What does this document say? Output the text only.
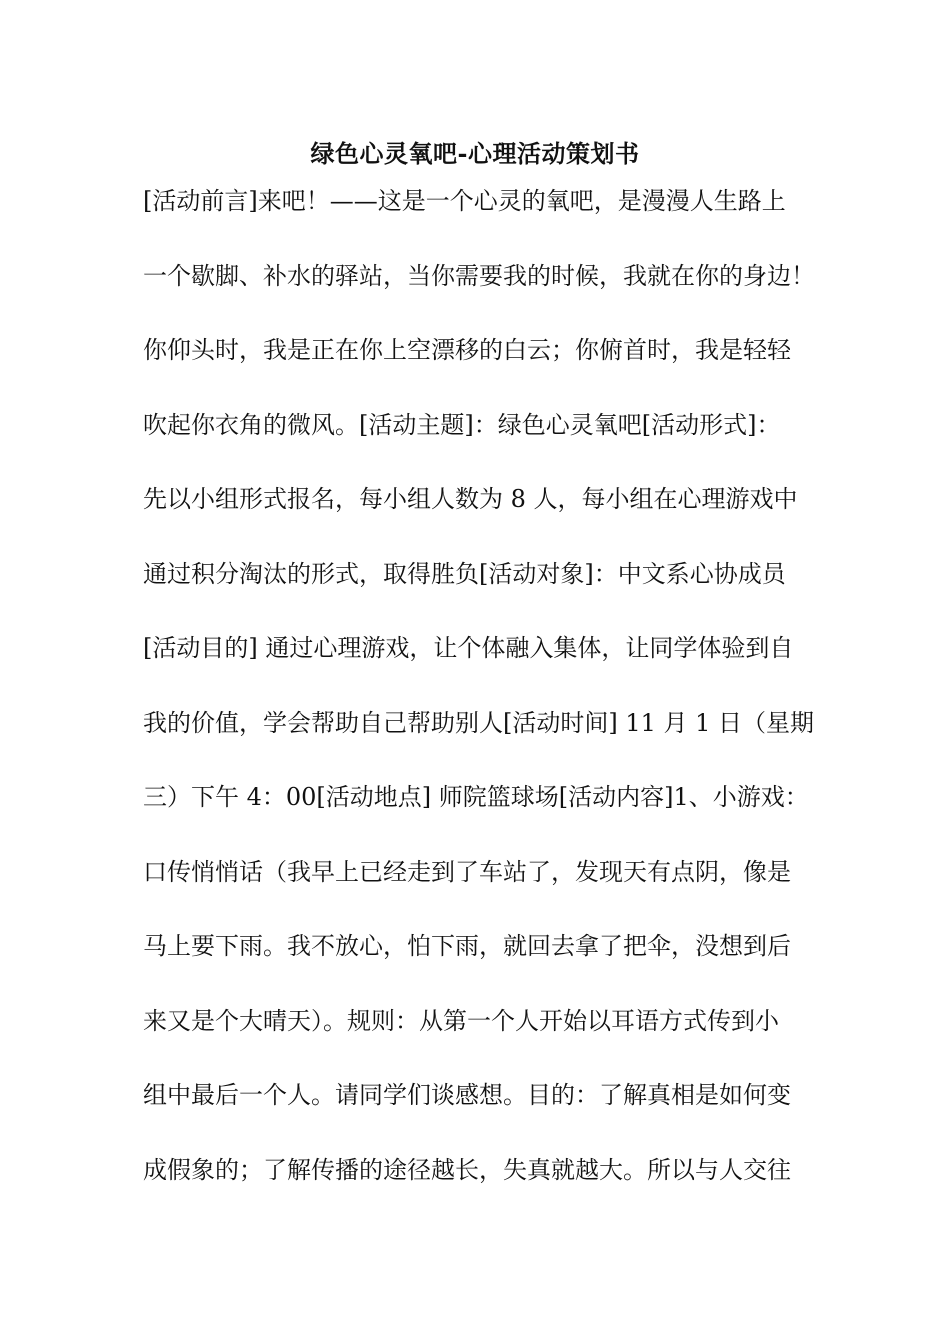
绿色心灵氧吧-心理活动策划书
[活动前言]来吧！——这是一个心灵的氧吧，是漫漫人生路上
一个歇脚、补水的驿站，当你需要我的时候，我就在你的身边！
你仰头时，我是正在你上空漂移的白云；你俯首时，我是轻轻
吹起你衣角的微风。[活动主题]：绿色心灵氧吧[活动形式]：
先以小组形式报名，每小组人数为 8 人，每小组在心理游戏中
通过积分淘汰的形式，取得胜负[活动对象]：中文系心协成员
[活动目的] 通过心理游戏，让个体融入集体，让同学体验到自
我的价值，学会帮助自己帮助别人[活动时间] 11 月 1 日（星期
三）下午 4：00[活动地点] 师院篮球场[活动内容]1、小游戏：
口传悄悄话（我早上已经走到了车站了，发现天有点阴，像是
马上要下雨。我不放心，怕下雨，就回去拿了把伞，没想到后
来又是个大晴天）。规则：从第一个人开始以耳语方式传到小
组中最后一个人。请同学们谈感想。目的：了解真相是如何变
成假象的；了解传播的途径越长，失真就越大。所以与人交往
